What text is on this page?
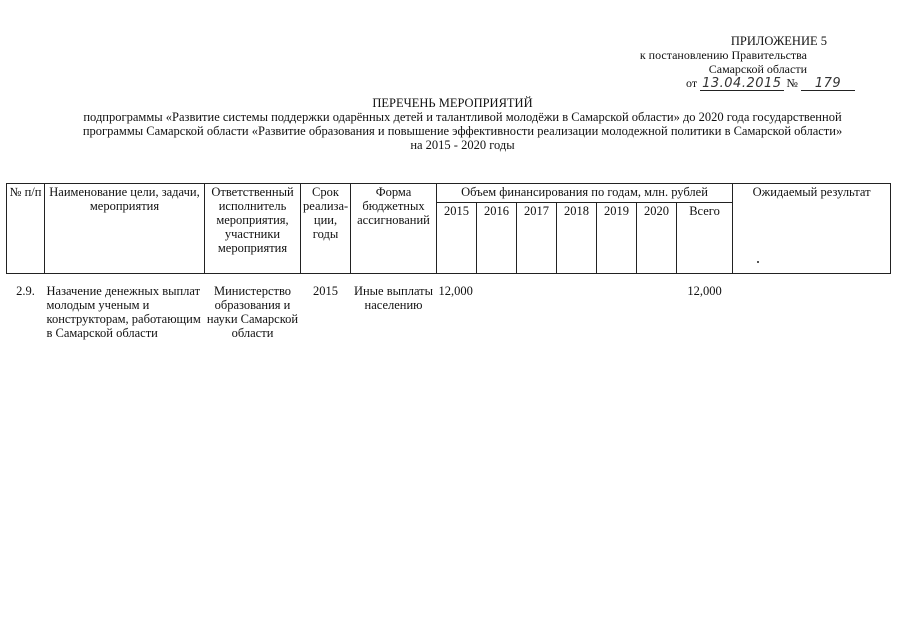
ПРИЛОЖЕНИЕ 5
к постановлению Правительства
Самарской области
от 13.04.2015 № 179
ПЕРЕЧЕНЬ МЕРОПРИЯТИЙ
подпрограммы «Развитие системы поддержки одарённых детей и талантливой молодёжи в Самарской области» до 2020 года государственной
программы Самарской области «Развитие образования и повышение эффективности реализации молодежной политики в Самарской области»
на 2015 - 2020 годы
№ п/п	Наименование цели, задачи, мероприятия	Ответственный исполнитель мероприятия, участники мероприятия	Срок реализа-ции, годы	Форма бюджетных ассигнований	Объем финансирования по годам, млн. рублей							Ожидаемый результат
					2015	2016	2017	2018	2019	2020	Всего	
2.9.	Назачение денежных выплат молодым ученым и конструкторам, работающим в Самарской области	Министерство образования и науки Самарской области	2015	Иные выплаты населению	12,000						12,000	
